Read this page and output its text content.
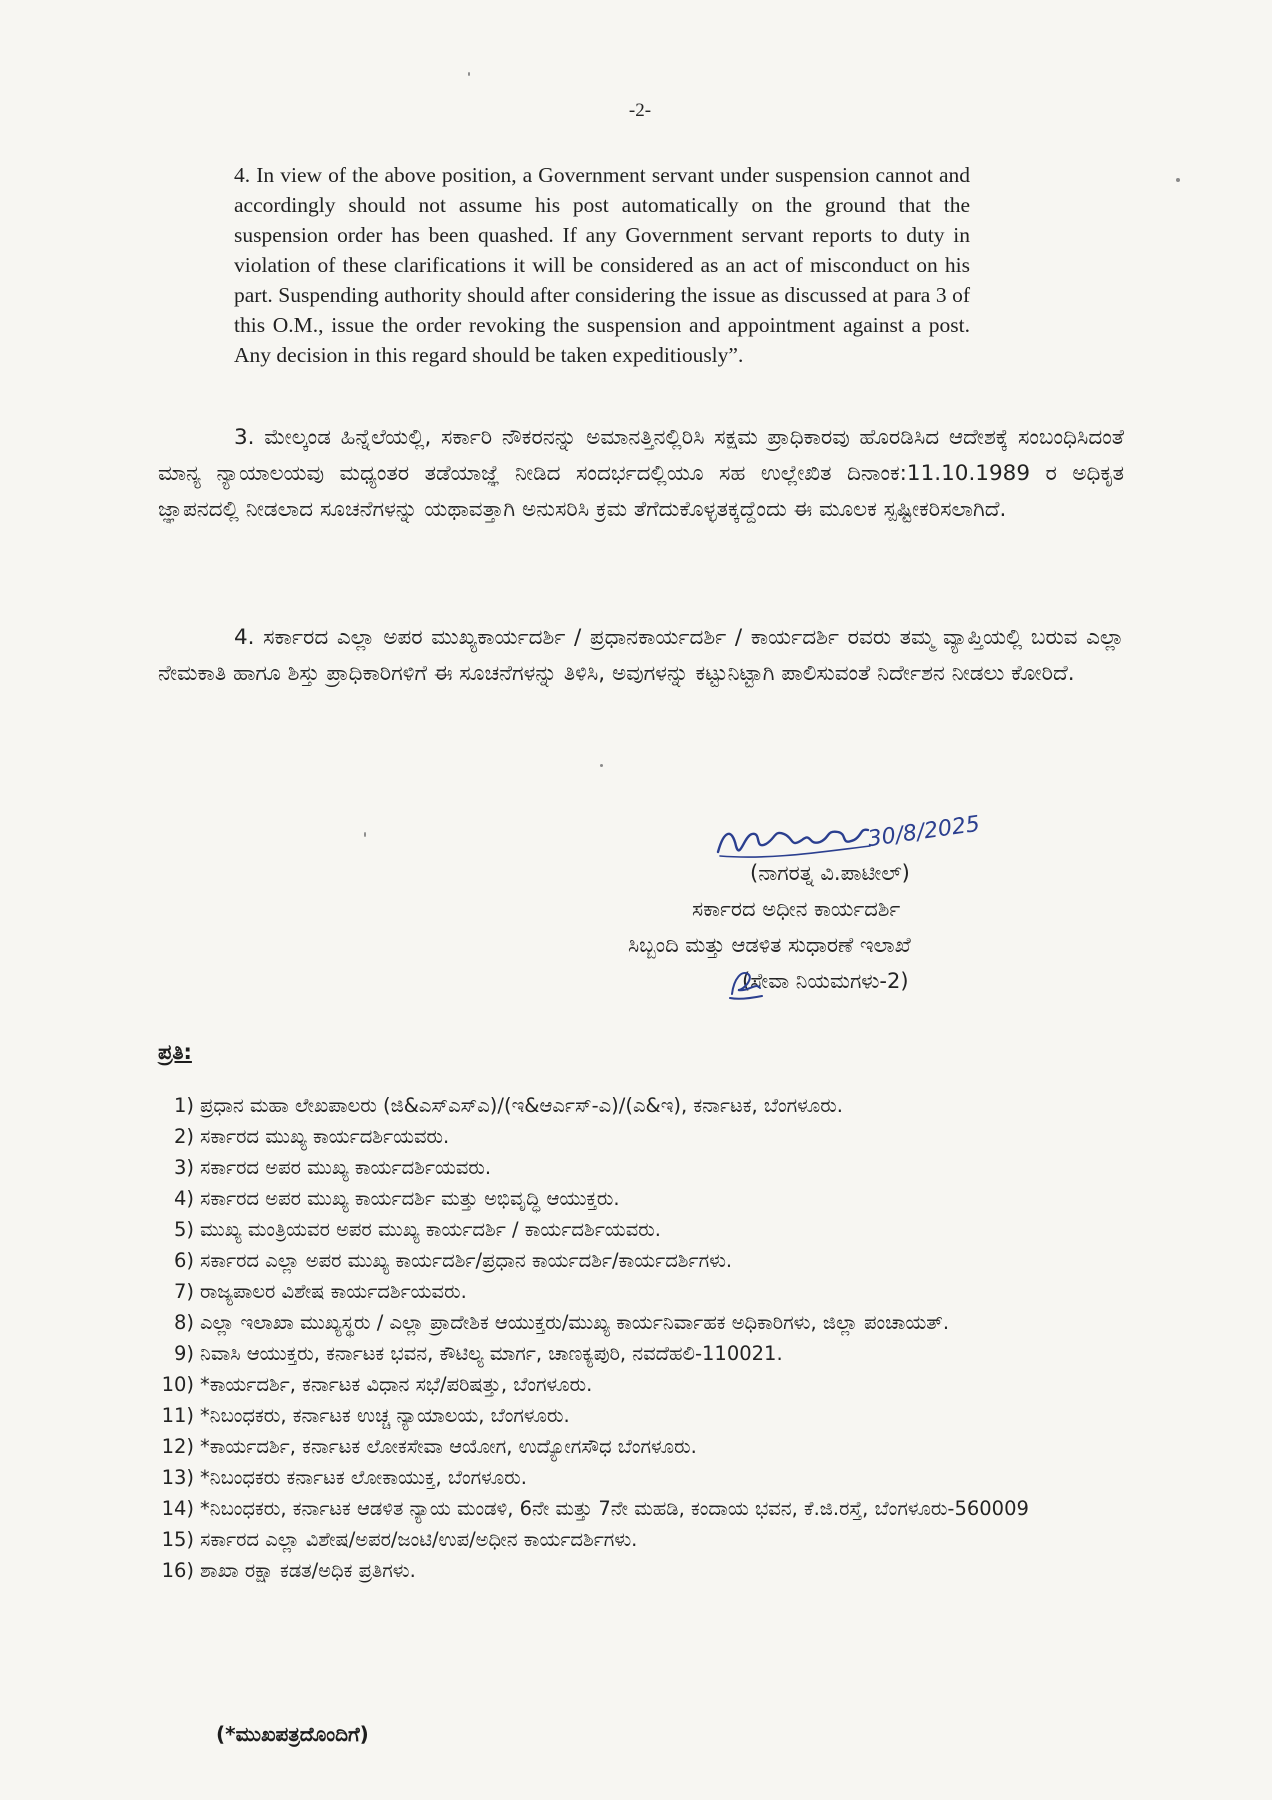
-2-
4. In view of the above position, a Government servant under suspension cannot and accordingly should not assume his post automatically on the ground that the suspension order has been quashed. If any Government servant reports to duty in violation of these clarifications it will be considered as an act of misconduct on his part. Suspending authority should after considering the issue as discussed at para 3 of this O.M., issue the order revoking the suspension and appointment against a post. Any decision in this regard should be taken expeditiously”.
3. ಮೇಲ್ಕಂಡ ಹಿನ್ನೆಲೆಯಲ್ಲಿ, ಸರ್ಕಾರಿ ನೌಕರನನ್ನು ಅಮಾನತ್ತಿನಲ್ಲಿರಿಸಿ ಸಕ್ಷಮ ಪ್ರಾಧಿಕಾರವು ಹೊರಡಿಸಿದ ಆದೇಶಕ್ಕೆ ಸಂಬಂಧಿಸಿದಂತೆ ಮಾನ್ಯ ನ್ಯಾಯಾಲಯವು ಮಧ್ಯಂತರ ತಡೆಯಾಜ್ಞೆ ನೀಡಿದ ಸಂದರ್ಭದಲ್ಲಿಯೂ ಸಹ ಉಲ್ಲೇಖಿತ ದಿನಾಂಕ:11.10.1989 ರ ಅಧಿಕೃತ ಜ್ಞಾಪನದಲ್ಲಿ ನೀಡಲಾದ ಸೂಚನೆಗಳನ್ನು ಯಥಾವತ್ತಾಗಿ ಅನುಸರಿಸಿ ಕ್ರಮ ತೆಗೆದುಕೊಳ್ಳತಕ್ಕದ್ದೆಂದು ಈ ಮೂಲಕ ಸ್ಪಷ್ಟೀಕರಿಸಲಾಗಿದೆ.
4. ಸರ್ಕಾರದ ಎಲ್ಲಾ ಅಪರ ಮುಖ್ಯಕಾರ್ಯದರ್ಶಿ / ಪ್ರಧಾನಕಾರ್ಯದರ್ಶಿ / ಕಾರ್ಯದರ್ಶಿ ರವರು ತಮ್ಮ ವ್ಯಾಪ್ತಿಯಲ್ಲಿ ಬರುವ ಎಲ್ಲಾ ನೇಮಕಾತಿ ಹಾಗೂ ಶಿಸ್ತು ಪ್ರಾಧಿಕಾರಿಗಳಿಗೆ ಈ ಸೂಚನೆಗಳನ್ನು ತಿಳಿಸಿ, ಅವುಗಳನ್ನು ಕಟ್ಟುನಿಟ್ಟಾಗಿ ಪಾಲಿಸುವಂತೆ ನಿರ್ದೇಶನ ನೀಡಲು ಕೋರಿದೆ.
30/8/2025
(ನಾಗರತ್ನ ವಿ.ಪಾಟೀಲ್)
ಸರ್ಕಾರದ ಅಧೀನ ಕಾರ್ಯದರ್ಶಿ
ಸಿಬ್ಬಂದಿ ಮತ್ತು ಆಡಳಿತ ಸುಧಾರಣೆ ಇಲಾಖೆ
(ಸೇವಾ ನಿಯಮಗಳು-2)
ಪ್ರತಿ:
1) ಪ್ರಧಾನ ಮಹಾ ಲೇಖಪಾಲರು (ಜಿ&ಎಸ್ಎಸ್ಎ)/(ಇ&ಆರ್ಎಸ್-ಎ)/(ಎ&ಇ), ಕರ್ನಾಟಕ, ಬೆಂಗಳೂರು.
2) ಸರ್ಕಾರದ ಮುಖ್ಯ ಕಾರ್ಯದರ್ಶಿಯವರು.
3) ಸರ್ಕಾರದ ಅಪರ ಮುಖ್ಯ ಕಾರ್ಯದರ್ಶಿಯವರು.
4) ಸರ್ಕಾರದ ಅಪರ ಮುಖ್ಯ ಕಾರ್ಯದರ್ಶಿ ಮತ್ತು ಅಭಿವೃದ್ಧಿ ಆಯುಕ್ತರು.
5) ಮುಖ್ಯ ಮಂತ್ರಿಯವರ ಅಪರ ಮುಖ್ಯ ಕಾರ್ಯದರ್ಶಿ / ಕಾರ್ಯದರ್ಶಿಯವರು.
6) ಸರ್ಕಾರದ ಎಲ್ಲಾ ಅಪರ ಮುಖ್ಯ ಕಾರ್ಯದರ್ಶಿ/ಪ್ರಧಾನ ಕಾರ್ಯದರ್ಶಿ/ಕಾರ್ಯದರ್ಶಿಗಳು.
7) ರಾಜ್ಯಪಾಲರ ವಿಶೇಷ ಕಾರ್ಯದರ್ಶಿಯವರು.
8) ಎಲ್ಲಾ ಇಲಾಖಾ ಮುಖ್ಯಸ್ಥರು / ಎಲ್ಲಾ ಪ್ರಾದೇಶಿಕ ಆಯುಕ್ತರು/ಮುಖ್ಯ ಕಾರ್ಯನಿರ್ವಾಹಕ ಅಧಿಕಾರಿಗಳು, ಜಿಲ್ಲಾ ಪಂಚಾಯತ್.
9) ನಿವಾಸಿ ಆಯುಕ್ತರು, ಕರ್ನಾಟಕ ಭವನ, ಕೌಟಿಲ್ಯ ಮಾರ್ಗ, ಚಾಣಕ್ಯಪುರಿ, ನವದೆಹಲಿ-110021.
10) *ಕಾರ್ಯದರ್ಶಿ, ಕರ್ನಾಟಕ ವಿಧಾನ ಸಭೆ/ಪರಿಷತ್ತು, ಬೆಂಗಳೂರು.
11) *ನಿಬಂಧಕರು, ಕರ್ನಾಟಕ ಉಚ್ಚ ನ್ಯಾಯಾಲಯ, ಬೆಂಗಳೂರು.
12) *ಕಾರ್ಯದರ್ಶಿ, ಕರ್ನಾಟಕ ಲೋಕಸೇವಾ ಆಯೋಗ, ಉದ್ಯೋಗಸೌಧ ಬೆಂಗಳೂರು.
13) *ನಿಬಂಧಕರು ಕರ್ನಾಟಕ ಲೋಕಾಯುಕ್ತ, ಬೆಂಗಳೂರು.
14) *ನಿಬಂಧಕರು, ಕರ್ನಾಟಕ ಆಡಳಿತ ನ್ಯಾಯ ಮಂಡಳಿ, 6ನೇ ಮತ್ತು 7ನೇ ಮಹಡಿ, ಕಂದಾಯ ಭವನ, ಕೆ.ಜಿ.ರಸ್ತೆ, ಬೆಂಗಳೂರು-560009
15) ಸರ್ಕಾರದ ಎಲ್ಲಾ ವಿಶೇಷ/ಅಪರ/ಜಂಟಿ/ಉಪ/ಅಧೀನ ಕಾರ್ಯದರ್ಶಿಗಳು.
16) ಶಾಖಾ ರಕ್ಷಾ ಕಡತ/ಅಧಿಕ ಪ್ರತಿಗಳು.
(*ಮುಖಪತ್ರದೊಂದಿಗೆ)
